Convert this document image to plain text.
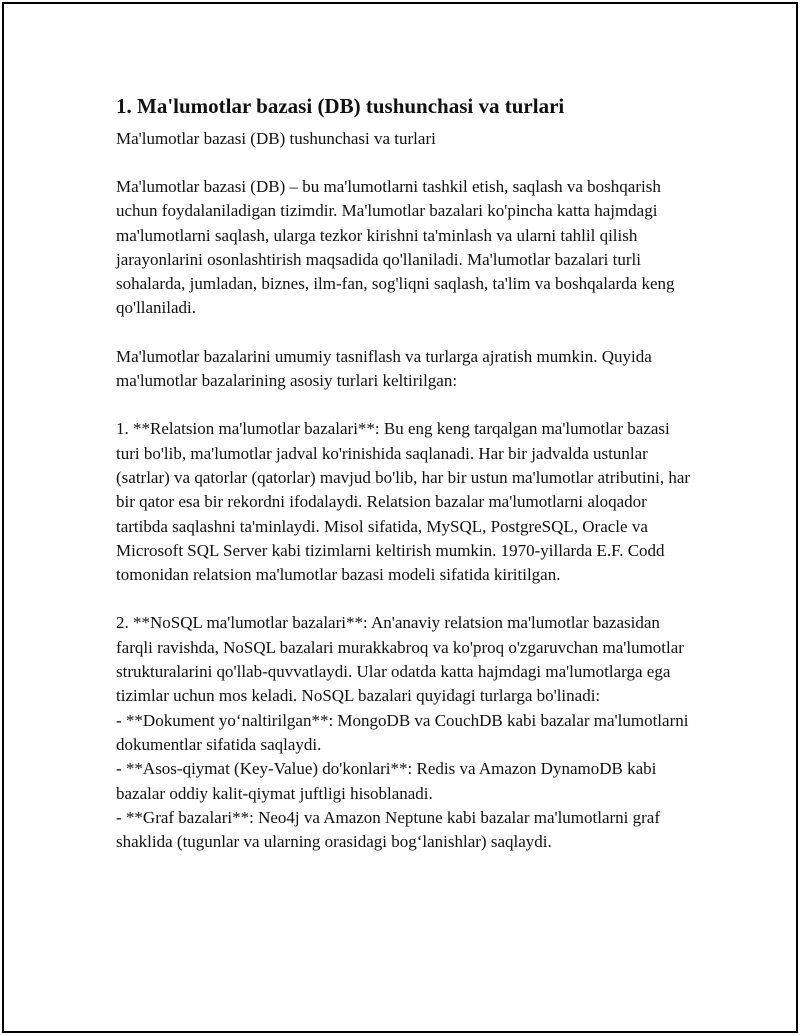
1. Ma'lumotlar bazasi (DB) tushunchasi va turlari

Ma'lumotlar bazasi (DB) tushunchasi va turlari

Ma'lumotlar bazasi (DB) – bu ma'lumotlarni tashkil etish, saqlash va boshqarish uchun foydalaniladigan tizimdir. Ma'lumotlar bazalari ko'pincha katta hajmdagi ma'lumotlarni saqlash, ularga tezkor kirishni ta'minlash va ularni tahlil qilish jarayonlarini osonlashtirish maqsadida qo'llaniladi. Ma'lumotlar bazalari turli sohalarda, jumladan, biznes, ilm-fan, sog'liqni saqlash, ta'lim va boshqalarda keng qo'llaniladi.

Ma'lumotlar bazalarini umumiy tasniflash va turlarga ajratish mumkin. Quyida ma'lumotlar bazalarining asosiy turlari keltirilgan:

1. **Relatsion ma'lumotlar bazalari**: Bu eng keng tarqalgan ma'lumotlar bazasi turi bo'lib, ma'lumotlar jadval ko'rinishida saqlanadi. Har bir jadvalda ustunlar (satrlar) va qatorlar (qatorlar) mavjud bo'lib, har bir ustun ma'lumotlar atributini, har bir qator esa bir rekordni ifodalaydi. Relatsion bazalar ma'lumotlarni aloqador tartibda saqlashni ta'minlaydi. Misol sifatida, MySQL, PostgreSQL, Oracle va Microsoft SQL Server kabi tizimlarni keltirish mumkin. 1970-yillarda E.F. Codd tomonidan relatsion ma'lumotlar bazasi modeli sifatida kiritilgan.

2. **NoSQL ma'lumotlar bazalari**: An'anaviy relatsion ma'lumotlar bazasidan farqli ravishda, NoSQL bazalari murakkabroq va ko'proq o'zgaruvchan ma'lumotlar strukturalarini qo'llab-quvvatlaydi. Ular odatda katta hajmdagi ma'lumotlarga ega tizimlar uchun mos keladi. NoSQL bazalari quyidagi turlarga bo'linadi:

- **Dokument yo‘naltirilgan**: MongoDB va CouchDB kabi bazalar ma'lumotlarni dokumentlar sifatida saqlaydi.

- **Asos-qiymat (Key-Value) do'konlari**: Redis va Amazon DynamoDB kabi bazalar oddiy kalit-qiymat juftligi hisoblanadi.

- **Graf bazalari**: Neo4j va Amazon Neptune kabi bazalar ma'lumotlarni graf shaklida (tugunlar va ularning orasidagi bog‘lanishlar) saqlaydi.
